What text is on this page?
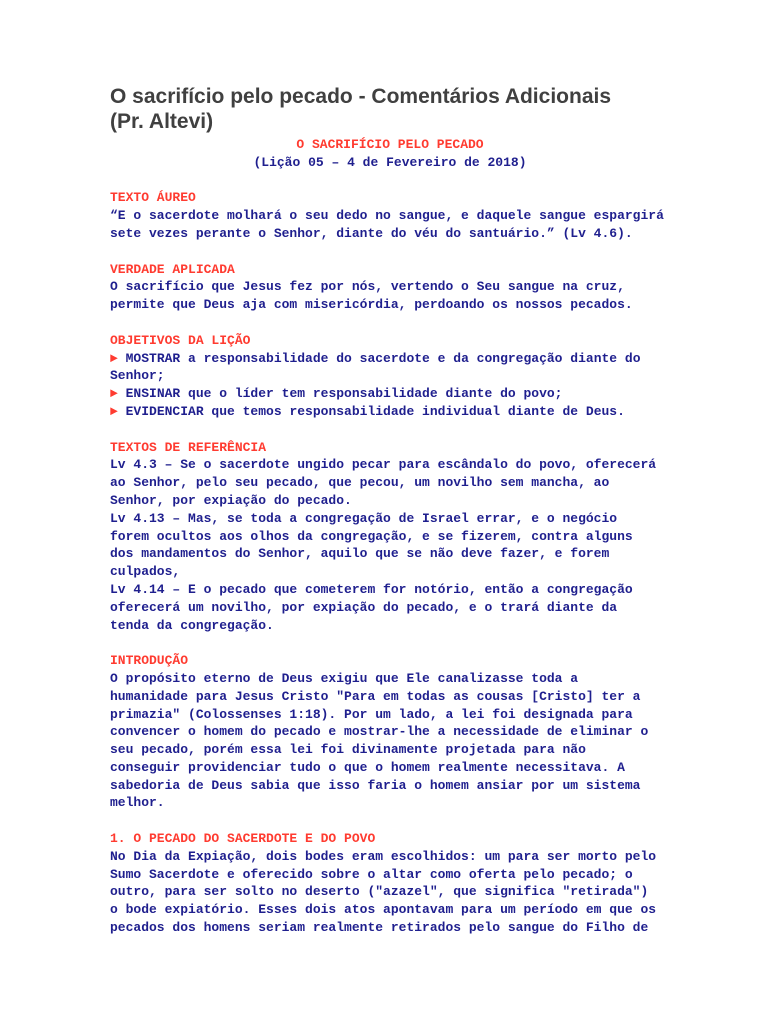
O sacrifício pelo pecado - Comentários Adicionais
(Pr. Altevi)

O SACRIFÍCIO PELO PECADO

(Lição 05 – 4 de Fevereiro de 2018)

TEXTO ÁUREO

“E o sacerdote molhará o seu dedo no sangue, e daquele sangue espargirá

sete vezes perante o Senhor, diante do véu do santuário.” (Lv 4.6).

VERDADE APLICADA

O sacrifício que Jesus fez por nós, vertendo o Seu sangue na cruz,

permite que Deus aja com misericórdia, perdoando os nossos pecados.

OBJETIVOS DA LIÇÃO

► MOSTRAR a responsabilidade do sacerdote e da congregação diante do

Senhor;

► ENSINAR que o líder tem responsabilidade diante do povo;

► EVIDENCIAR que temos responsabilidade individual diante de Deus.

TEXTOS DE REFERÊNCIA

Lv 4.3 – Se o sacerdote ungido pecar para escândalo do povo, oferecerá

ao Senhor, pelo seu pecado, que pecou, um novilho sem mancha, ao

Senhor, por expiação do pecado.

Lv 4.13 – Mas, se toda a congregação de Israel errar, e o negócio

forem ocultos aos olhos da congregação, e se fizerem, contra alguns

dos mandamentos do Senhor, aquilo que se não deve fazer, e forem

culpados,

Lv 4.14 – E o pecado que cometerem for notório, então a congregação

oferecerá um novilho, por expiação do pecado, e o trará diante da

tenda da congregação.

INTRODUÇÃO

O propósito eterno de Deus exigiu que Ele canalizasse toda a

humanidade para Jesus Cristo "Para em todas as cousas [Cristo] ter a

primazia" (Colossenses 1:18). Por um lado, a lei foi designada para

convencer o homem do pecado e mostrar-lhe a necessidade de eliminar o

seu pecado, porém essa lei foi divinamente projetada para não

conseguir providenciar tudo o que o homem realmente necessitava. A

sabedoria de Deus sabia que isso faria o homem ansiar por um sistema

melhor.

1. O PECADO DO SACERDOTE E DO POVO

No Dia da Expiação, dois bodes eram escolhidos: um para ser morto pelo

Sumo Sacerdote e oferecido sobre o altar como oferta pelo pecado; o

outro, para ser solto no deserto ("azazel", que significa "retirada")

o bode expiatório. Esses dois atos apontavam para um período em que os

pecados dos homens seriam realmente retirados pelo sangue do Filho de
